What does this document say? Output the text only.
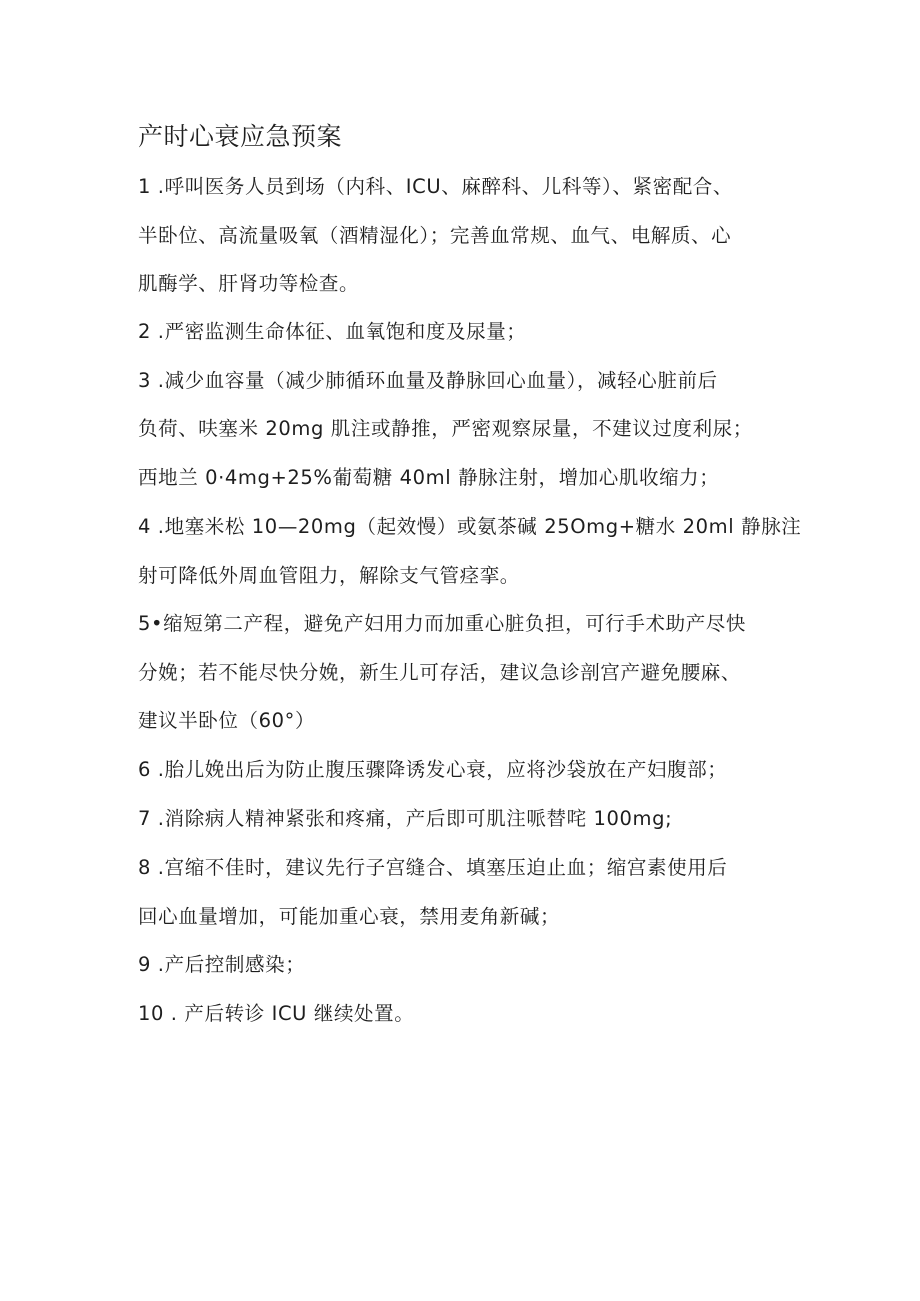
产时心衰应急预案
1 .呼叫医务人员到场（内科、ICU、麻醉科、儿科等）、紧密配合、
半卧位、高流量吸氧（酒精湿化）；完善血常规、血气、电解质、心
肌酶学、肝肾功等检查。
2 .严密监测生命体征、血氧饱和度及尿量；
3 .减少血容量（减少肺循环血量及静脉回心血量），减轻心脏前后
负荷、呋塞米 20mg 肌注或静推，严密观察尿量，不建议过度利尿；
西地兰 0·4mg+25%葡萄糖 40ml 静脉注射，增加心肌收缩力；
4 .地塞米松 10—20mg（起效慢）或氨茶碱 25Omg+糖水 20ml 静脉注
射可降低外周血管阻力，解除支气管痉挛。
5•缩短第二产程，避免产妇用力而加重心脏负担，可行手术助产尽快
分娩；若不能尽快分娩，新生儿可存活，建议急诊剖宫产避免腰麻、
建议半卧位（60°）
6 .胎儿娩出后为防止腹压骤降诱发心衰，应将沙袋放在产妇腹部；
7 .消除病人精神紧张和疼痛，产后即可肌注哌替咤 100mg;
8 .宫缩不佳时，建议先行子宫缝合、填塞压迫止血；缩宫素使用后
回心血量增加，可能加重心衰，禁用麦角新碱；
9 .产后控制感染；
10 . 产后转诊 ICU 继续处置。
